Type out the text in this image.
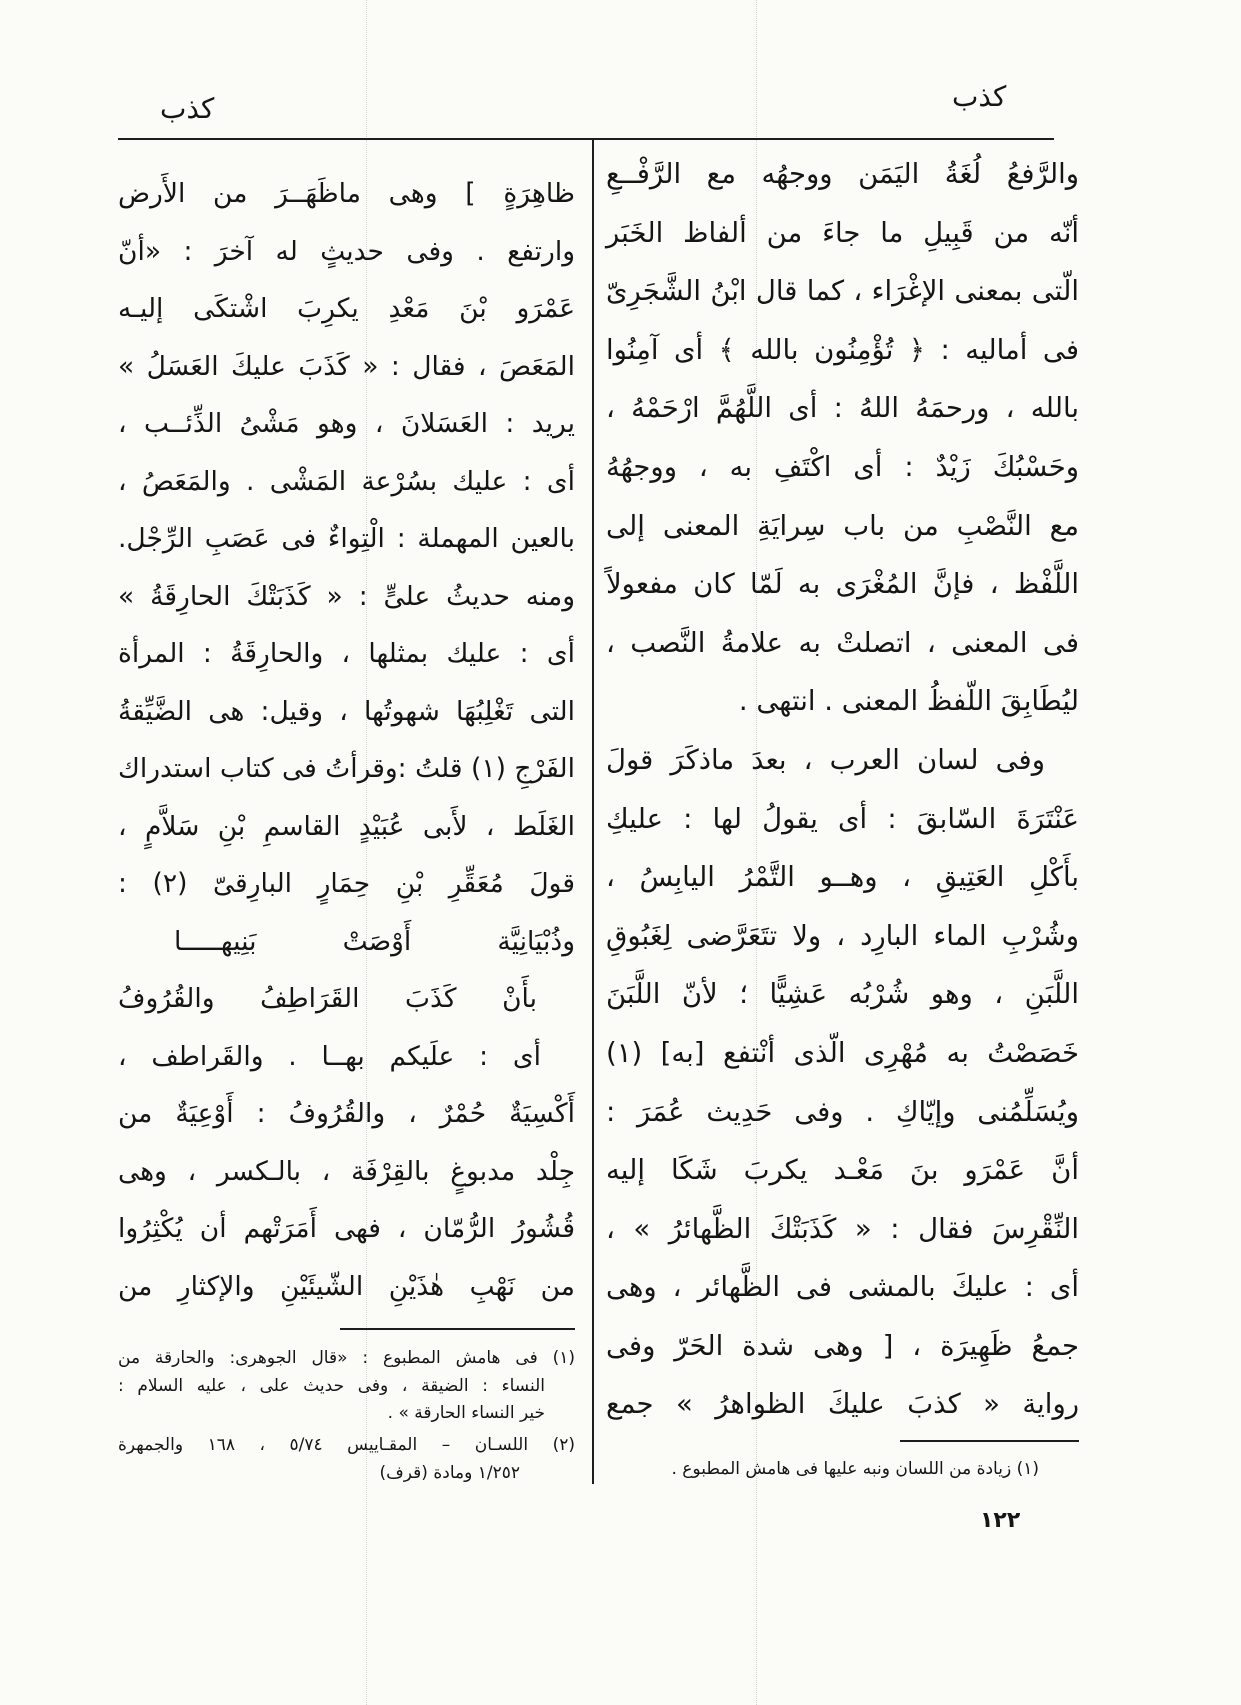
كذب
كذب
والرَّفعُ لُغَةُ اليَمَن ووجهُه مع الرَّفْــعِ
أنّه من قَبِيلِ ما جاءَ من ألفاظ الخَبَر
الّتى بمعنى الإغْرَاء ، كما قال ابْنُ الشَّجَرِىّ
فى أماليه : ﴿ تُؤْمِنُون بالله ﴾ أى آمِنُوا
بالله ، ورحمَهُ اللهُ : أى اللَّهُمَّ ارْحَمْهُ ،
وحَسْبُكَ زَيْدٌ : أى اكْتَفِ به ، ووجهُهُ
مع النَّصْبِ من باب سِرايَةِ المعنى إلى
اللَّفْظ ، فإنَّ المُغْرَى به لَمّا كان مفعولاً
فى المعنى ، اتصلتْ به علامةُ النَّصب ،
ليُطَابِقَ اللّفظُ المعنى . انتهى .
وفى لسان العرب ، بعدَ ماذكَرَ قولَ
عَنْتَرَةَ السّابقَ : أى يقولُ لها : عليكِ
بأَكْلِ العَتِيقِ ، وهــو التَّمْرُ اليابِسُ ،
وشُرْبِ الماء البارِد ، ولا تتَعَرَّضى لِغَبُوقِ
اللَّبَنِ ، وهو شُرْبُه عَشِيًّا ؛ لأنّ اللَّبَنَ
خَصَصْتُ به مُهْرِى الّذى أنْتفع [به] (١)
ويُسَلِّمُنى وإيّاكِ . وفى حَدِيث عُمَرَ :
أنَّ عَمْرَو بنَ مَعْـد يكربَ شَكَا إليه
النِّقْرِسَ فقال : « كَذَبَتْكَ الظَّهائرُ » ،
أى : عليكَ بالمشى فى الظَّهائر ، وهى
جمعُ ظَهِيرَة ، [ وهى شدة الحَرّ وفى
رواية « كذبَ عليكَ الظواهرُ » جمع
(١) زيادة من اللسان ونبه عليها فى هامش المطبوع .
ظاهِرَةٍ ] وهى ماظَهَــرَ من الأَرض
وارتفع . وفى حديثٍ له آخرَ : «أنّ
عَمْرَو بْنَ مَعْدِ يكرِبَ اشْتكَى إليـه
المَعَصَ ، فقال : « كَذَبَ عليكَ العَسَلُ »
يريد : العَسَلانَ ، وهو مَشْىُ الذِّئــب ،
أى : عليك بسُرْعة المَشْى . والمَعَصُ ،
بالعين المهملة : الْتِواءٌ فى عَصَبِ الرِّجْل.
ومنه حديثُ علىٍّ : « كَذَبَتْكَ الحارِقَةُ »
أى : عليك بمثلها ، والحارِقَةُ : المرأة
التى تَغْلِبُهَا شهوتُها ، وقيل: هى الضَّيِّقةُ
الفَرْجِ (١) قلتُ :وقرأتُ فى كتاب استدراك
الغَلَط ، لأَبى عُبَيْدٍ القاسمِ بْنِ سَلاَّمٍ ،
قولَ مُعَقِّرِ بْنِ حِمَارٍ البارِقىّ (٢) :
وذُبْيَانِيَّة أَوْصَتْ بَنِيهـــــا
بأَنْ كَذَبَ القَرَاطِفُ والقُرُوفُ
أى : علَيكم بهــا . والقَراطف ،
أَكْسِيَةٌ حُمْرٌ ، والقُرُوفُ : أَوْعِيَةٌ من
جِلْد مدبوغٍ بالقِرْفَة ، بالـكسر ، وهى
قُشُورُ الرُّمّان ، فهى أَمَرَتْهم أن يُكْثِرُوا
من نَهْبِ هٰذَيْنِ الشّيئَيْنِ والإكثارِ من
(١) فى هامش المطبوع : «قال الجوهرى: والحارقة من
النساء : الضيقة ، وفى حديث على ، عليه السلام :
خير النساء الحارقة » .
(٢) اللسـان – المقـاييس ٥/٧٤ ، ١٦٨ والجمهرة
١/٢٥٢ ومادة (قرف)
١٢٢
